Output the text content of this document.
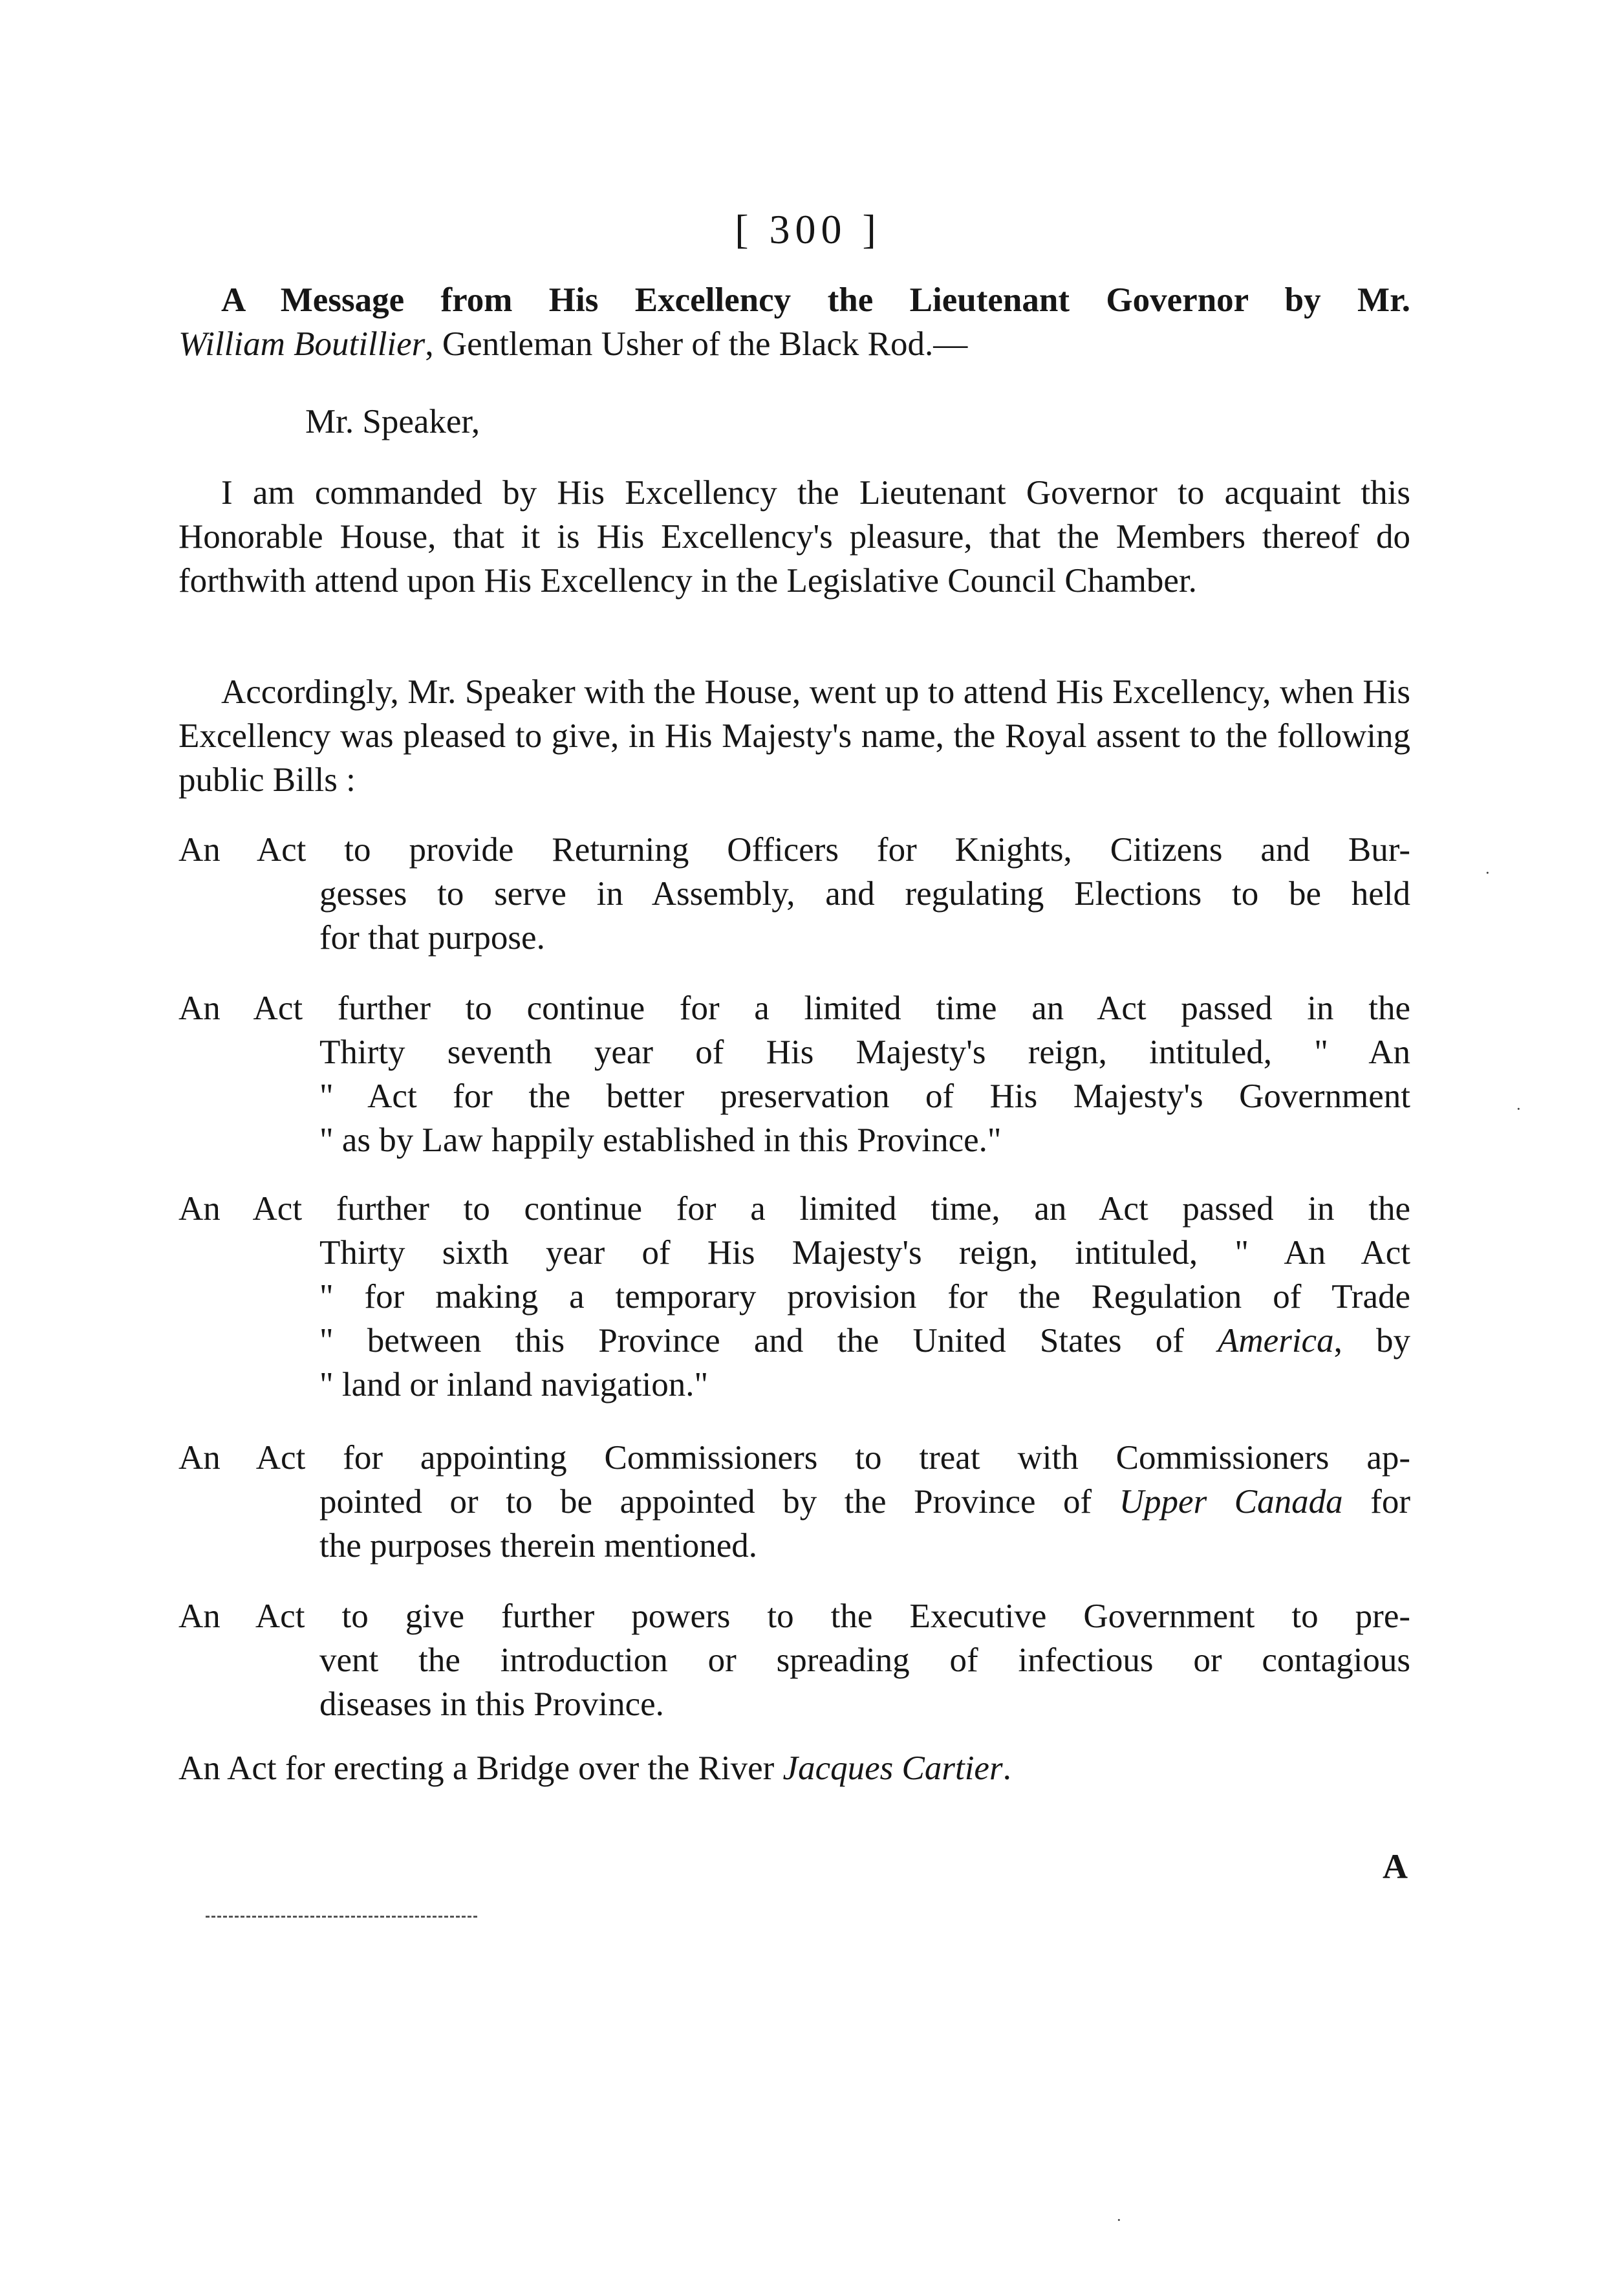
[ 300 ]
A Message from His Excellency the Lieutenant Governor by Mr.
William Boutillier, Gentleman Usher of the Black Rod.—
Mr. Speaker,
I am commanded by His Excellency the Lieutenant Governor to acquaint this Honorable House, that it is His Excellency's pleasure, that the Members thereof do forthwith attend upon His Excellency in the Legislative Council Chamber.
Accordingly, Mr. Speaker with the House, went up to attend His Excellency, when His Excellency was pleased to give, in His Majesty's name, the Royal assent to the following public Bills :
An Act to provide Returning Officers for Knights, Citizens and Bur-
gesses to serve in Assembly, and regulating Elections to be held
for that purpose.
An Act further to continue for a limited time an Act passed in the
Thirty seventh year of His Majesty's reign, intituled, " An
" Act for the better preservation of His Majesty's Government
" as by Law happily established in this Province."
An Act further to continue for a limited time, an Act passed in the
Thirty sixth year of His Majesty's reign, intituled, " An Act
" for making a temporary provision for the Regulation of Trade
" between this Province and the United States of America, by
" land or inland navigation."
An Act for appointing Commissioners to treat with Commissioners ap-
pointed or to be appointed by the Province of Upper Canada for
the purposes therein mentioned.
An Act to give further powers to the Executive Government to pre-
vent the introduction or spreading of infectious or contagious
diseases in this Province.
An Act for erecting a Bridge over the River Jacques Cartier.
A
·
·
·
